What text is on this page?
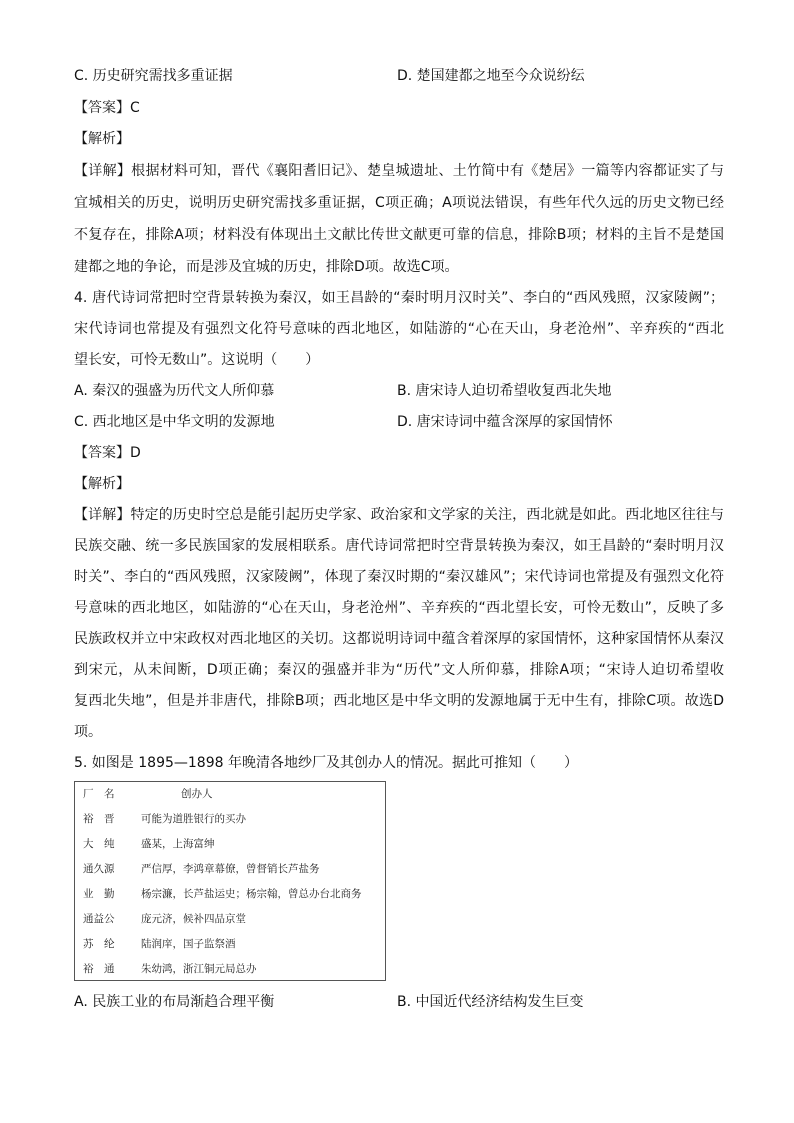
C. 历史研究需找多重证据	D. 楚国建都之地至今众说纷纭
【答案】C
【解析】
【详解】根据材料可知，晋代《襄阳耆旧记》、楚皇城遗址、土竹简中有《楚居》一篇等内容都证实了与
宜城相关的历史，说明历史研究需找多重证据，C项正确；A项说法错误，有些年代久远的历史文物已经
不复存在，排除A项；材料没有体现出土文献比传世文献更可靠的信息，排除B项；材料的主旨不是楚国
建都之地的争论，而是涉及宜城的历史，排除D项。故选C项。
4. 唐代诗词常把时空背景转换为秦汉，如王昌龄的“秦时明月汉时关”、李白的“西风残照，汉家陵阙”；
宋代诗词也常提及有强烈文化符号意味的西北地区，如陆游的“心在天山，身老沧州”、辛弃疾的“西北
望长安，可怜无数山”。这说明（　　）
A. 秦汉的强盛为历代文人所仰慕	B. 唐宋诗人迫切希望收复西北失地
C. 西北地区是中华文明的发源地	D. 唐宋诗词中蕴含深厚的家国情怀
【答案】D
【解析】
【详解】特定的历史时空总是能引起历史学家、政治家和文学家的关注，西北就是如此。西北地区往往与
民族交融、统一多民族国家的发展相联系。唐代诗词常把时空背景转换为秦汉，如王昌龄的“秦时明月汉
时关”、李白的“西风残照，汉家陵阙”，体现了秦汉时期的“秦汉雄风”；宋代诗词也常提及有强烈文化符
号意味的西北地区，如陆游的“心在天山，身老沧州”、辛弃疾的“西北望长安，可怜无数山”，反映了多
民族政权并立中宋政权对西北地区的关切。这都说明诗词中蕴含着深厚的家国情怀，这种家国情怀从秦汉
到宋元，从未间断，D项正确；秦汉的强盛并非为“历代”文人所仰慕，排除A项；“宋诗人迫切希望收
复西北失地”，但是并非唐代，排除B项；西北地区是中华文明的发源地属于无中生有，排除C项。故选D
项。
5. 如图是 1895—1898 年晚清各地纱厂及其创办人的情况。据此可推知（　　）
厂　名	创办人
裕　晋	可能为道胜银行的买办
大　纯	盛某，上海富绅
通久源	严信厚，李鸿章幕僚，曾督销长芦盐务
业　勤	杨宗濂，长芦盐运史；杨宗翰，曾总办台北商务
通益公	庞元济，候补四品京堂
苏　纶	陆润庠，国子监祭酒
裕　通	朱幼鸿，浙江铜元局总办
A. 民族工业的布局渐趋合理平衡	B. 中国近代经济结构发生巨变
